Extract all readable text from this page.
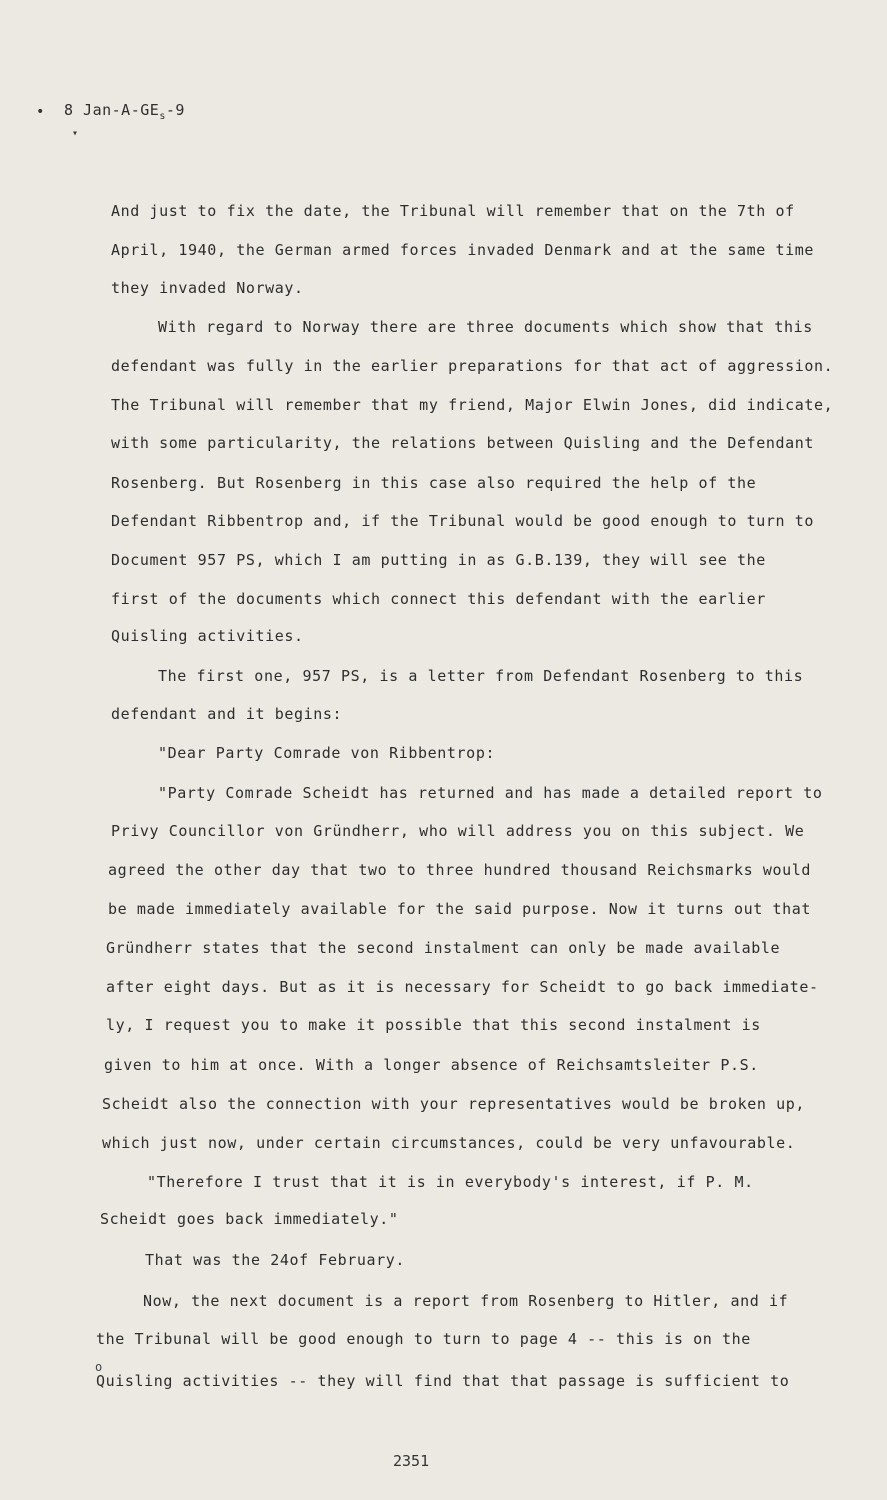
•
▾
8 Jan-$A-GE_s-9$
And just to fix the date, the Tribunal will remember that on the 7th of
April, 1940, the German armed forces invaded Denmark and at the same time
they invaded Norway.
With regard to Norway there are three documents which show that this
defendant was fully in the earlier preparations for that act of aggression.
The Tribunal will remember that my friend, Major Elwin Jones, did indicate,
with some particularity, the relations between Quisling and the Defendant
Rosenberg. But Rosenberg in this case also required the help of the
Defendant Ribbentrop and, if the Tribunal would be good enough to turn to
Document 957 PS, which I am putting in as G.B.139, they will see the
first of the documents which connect this defendant with the earlier
Quisling activities.
The first one, 957 PS, is a letter from Defendant Rosenberg to this
defendant and it begins:
"Dear Party Comrade von Ribbentrop:
"Party Comrade Scheidt has returned and has made a detailed report to
Privy Councillor von Gründherr, who will address you on this subject. We
agreed the other day that two to three hundred thousand Reichsmarks would
be made immediately available for the said purpose. Now it turns out that
Gründherr states that the second instalment can only be made available
after eight days. But as it is necessary for Scheidt to go back immediate-
ly, I request you to make it possible that this second instalment is
given to him at once. With a longer absence of Reichsamtsleiter P.S.
Scheidt also the connection with your representatives would be broken up,
which just now, under certain circumstances, could be very unfavourable.
"Therefore I trust that it is in everybody's interest, if P. M.
Scheidt goes back immediately."
That was the 24of February.
Now, the next document is a report from Rosenberg to Hitler, and if
the Tribunal will be good enough to turn to page 4 -- this is on the
Quisling activities -- they will find that that passage is sufficient to
o
2351
